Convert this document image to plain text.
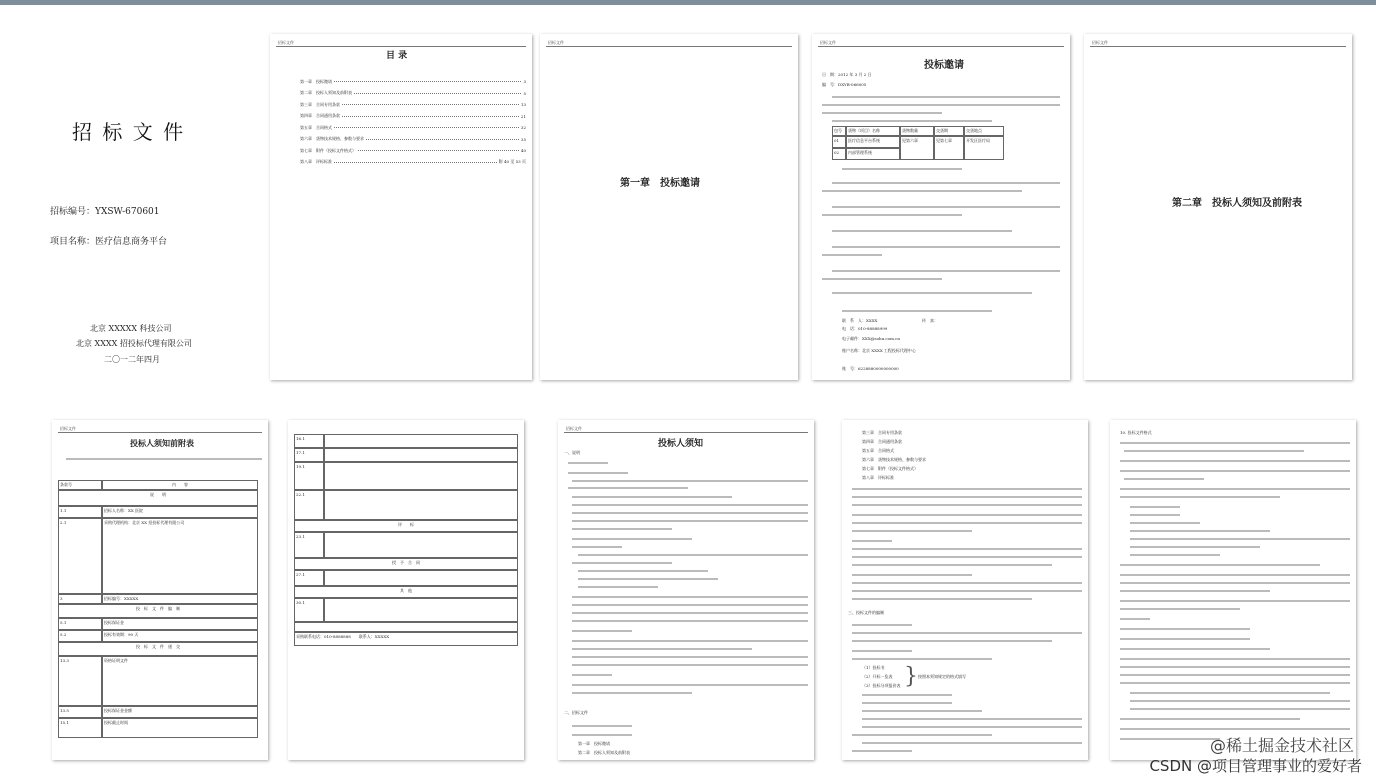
招 标 文 件
招标编号：YXSW-670601
项目名称：医疗信息商务平台
北京 XXXXX 科技公司
北京 XXXX 招投标代理有限公司
二〇一二年四月
招标文件
目 录
第一章　投标邀请	3
第二章　投标人须知及前附表	5
第三章　合同专用条款	13
第四章　合同通用条款	21
第五章　合同格式	32
第六章　货物技术规格、参数与要求	35
第七章　附件（投标文件格式）	40
第八章　评标标准	附 40 至 53 页
招标文件
第一章　投标邀请
招标文件
投标邀请
日　期：2012 年 3 月 2 日
编　号：DXYB-066005
包号	货物（项目）名称	货物数量	交货期	交货地点
01	医疗信息平台系统	见第六章	见第七章	开发区医疗局
02	内部管理系统
联　系　人：XXXX	传　真：
电　话：010-88888999
电子邮件：XXX@sohu.com.cn
账户名称：北京 XXXX 工程投标代理中心
账　号：6228880000000000
招标文件
第二章　投标人须知及前附表
招标文件
投标人须知前附表
条款号	内　　容
说　　明
1.1	招标人名称：XX 医院
2.1	采购代理机构：北京 XX 招投标代理有限公司
3	招标编号：XXXXX
投　标　文　件　编　制
5.1	投标保证金
5.2	投标有效期：90 天
投　标　文　件　递　交
13.3	资格证明文件
13.5	投标保证金金额
15.1	投标截止时间
16.1
17.1
19.1
22.1
评　　标
23.1
授　予　合　同
27.1
其　他
30.1
采购联系电话：010-8888888　　联系人：XXXXX
招标文件
投标人须知
一、说明
二、招标文件
第一章　投标邀请
第二章　投标人须知及前附表
第三章　合同专用条款
第四章　合同通用条款
第五章　合同格式
第六章　货物技术规格、参数与要求
第七章　附件（投标文件格式）
第八章　评标标准
三、投标文件的编制
（1）投标书
（2）开标一览表
（3）投标分项报价表 } 按照本须知规定的格式填写
10. 投标文件格式
@稀土掘金技术社区
CSDN @项目管理事业的爱好者
